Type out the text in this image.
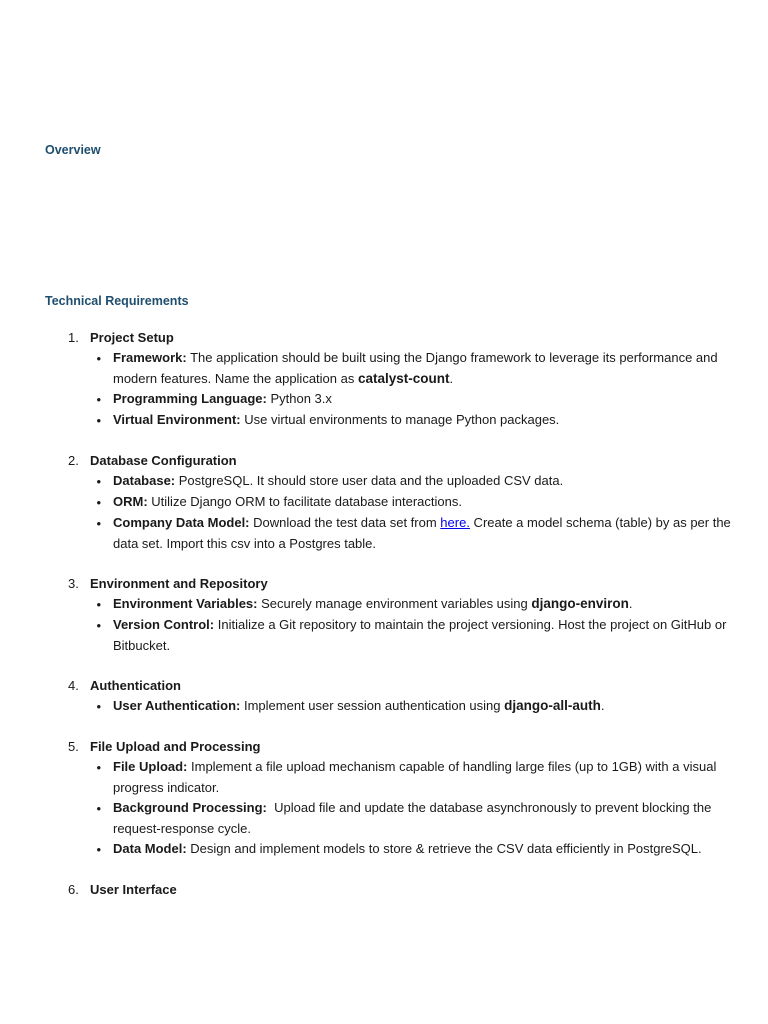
Overview
Technical Requirements
1. Project Setup
• Framework: The application should be built using the Django framework to leverage its performance and modern features. Name the application as catalyst-count.
• Programming Language: Python 3.x
• Virtual Environment: Use virtual environments to manage Python packages.
2. Database Configuration
• Database: PostgreSQL. It should store user data and the uploaded CSV data.
• ORM: Utilize Django ORM to facilitate database interactions.
• Company Data Model: Download the test data set from here. Create a model schema (table) by as per the data set. Import this csv into a Postgres table.
3. Environment and Repository
• Environment Variables: Securely manage environment variables using django-environ.
• Version Control: Initialize a Git repository to maintain the project versioning. Host the project on GitHub or Bitbucket.
4. Authentication
• User Authentication: Implement user session authentication using django-all-auth.
5. File Upload and Processing
• File Upload: Implement a file upload mechanism capable of handling large files (up to 1GB) with a visual progress indicator.
• Background Processing:  Upload file and update the database asynchronously to prevent blocking the request-response cycle.
• Data Model: Design and implement models to store & retrieve the CSV data efficiently in PostgreSQL.
6. User Interface
